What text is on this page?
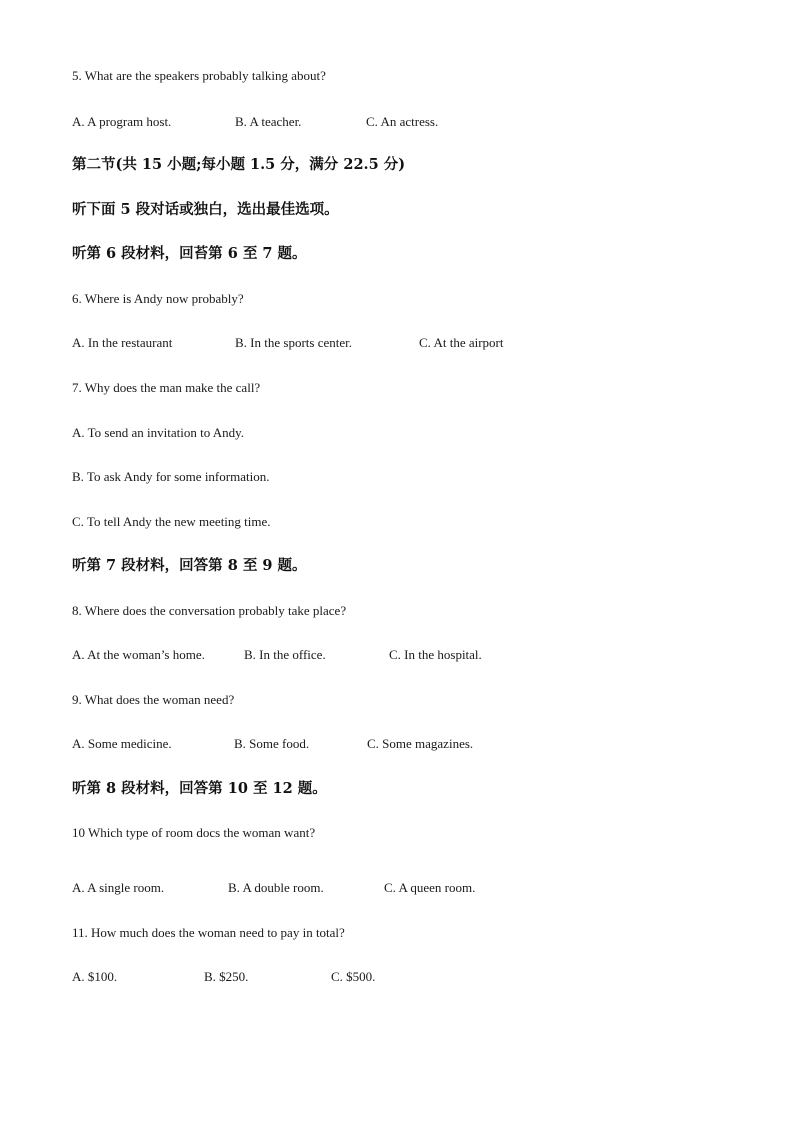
5. What are the speakers probably talking about?
A. A program host.	B. A teacher.	C. An actress.
第二节(共 15 小题;每小题 1.5 分，满分 22.5 分)
听下面 5 段对话或独白，选出最佳选项。
听第 6 段材料，回苔第 6 至 7 题。
6. Where is Andy now probably?
A. In the restaurant	B. In the sports center.	C. At the airport
7. Why does the man make the call?
A. To send an invitation to Andy.
B. To ask Andy for some information.
C. To tell Andy the new meeting time.
听第 7 段材料，回答第 8 至 9 题。
8. Where does the conversation probably take place?
A. At the woman’s home.	B. In the office.	C. In the hospital.
9. What does the woman need?
A. Some medicine.	B. Some food.	C. Some magazines.
听第 8 段材料，回答第 10 至 12 题。
10 Which type of room docs the woman want?
A. A single room.	B. A double room.	C. A queen room.
11. How much does the woman need to pay in total?
A. $100.	B. $250.	C. $500.
